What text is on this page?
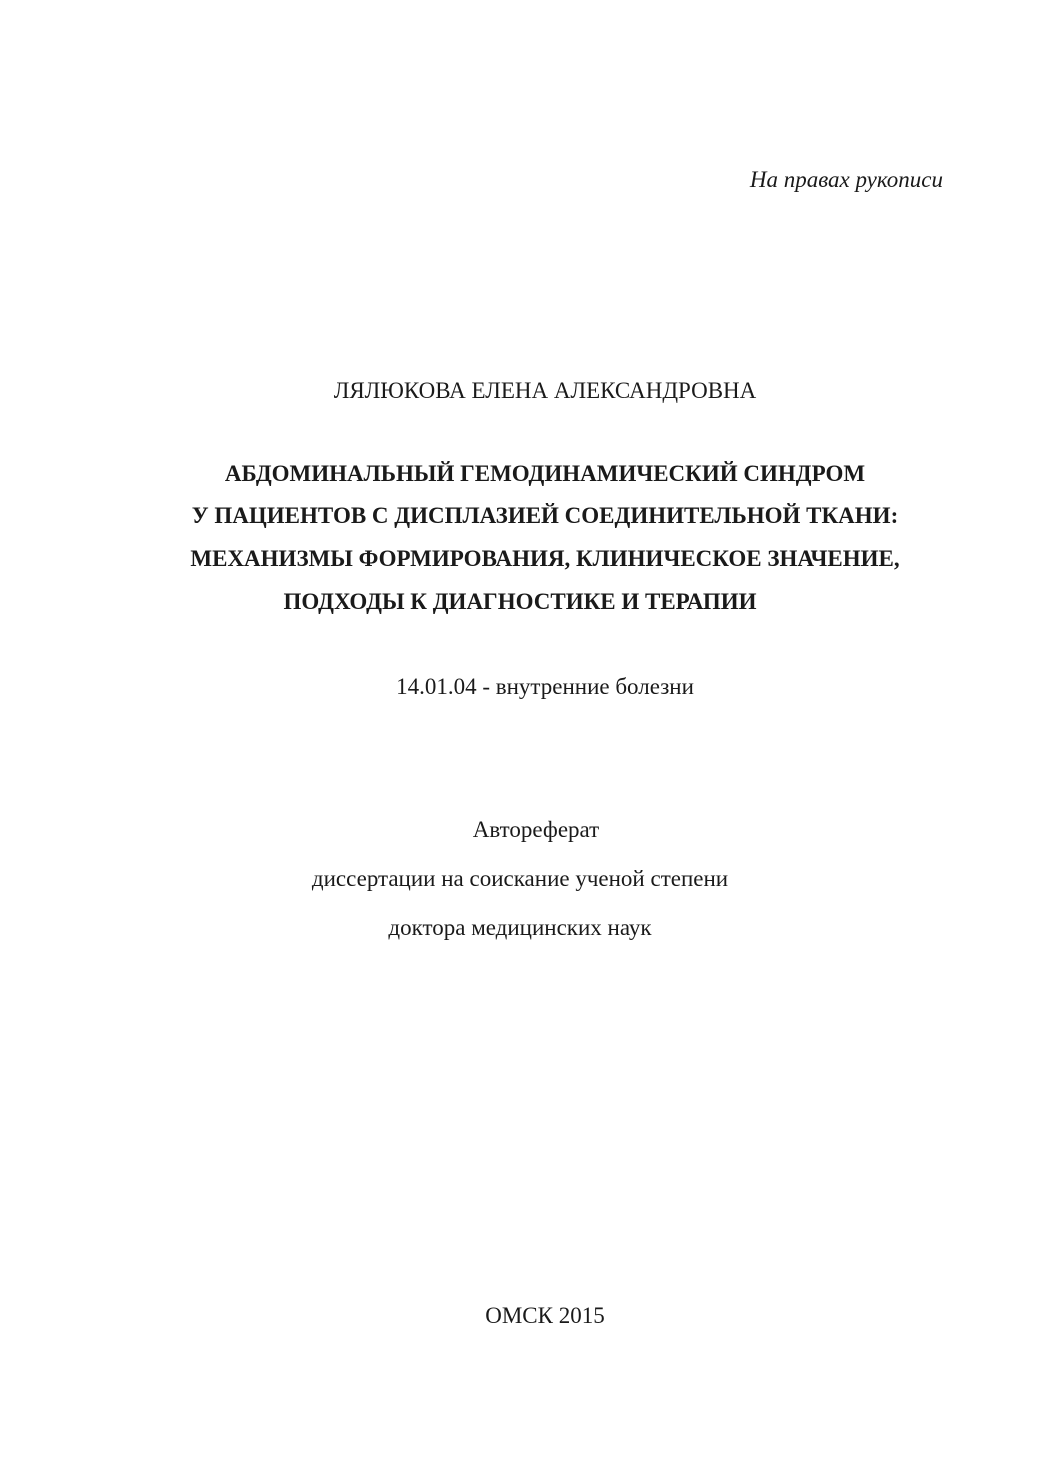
На правах рукописи
ЛЯЛЮКОВА ЕЛЕНА АЛЕКСАНДРОВНА
АБДОМИНАЛЬНЫЙ ГЕМОДИНАМИЧЕСКИЙ СИНДРОМ
У ПАЦИЕНТОВ С ДИСПЛАЗИЕЙ СОЕДИНИТЕЛЬНОЙ ТКАНИ:
МЕХАНИЗМЫ ФОРМИРОВАНИЯ, КЛИНИЧЕСКОЕ ЗНАЧЕНИЕ,
ПОДХОДЫ К ДИАГНОСТИКЕ И ТЕРАПИИ
14.01.04 - внутренние болезни
Автореферат
диссертации на соискание ученой степени
доктора медицинских наук
ОМСК 2015
